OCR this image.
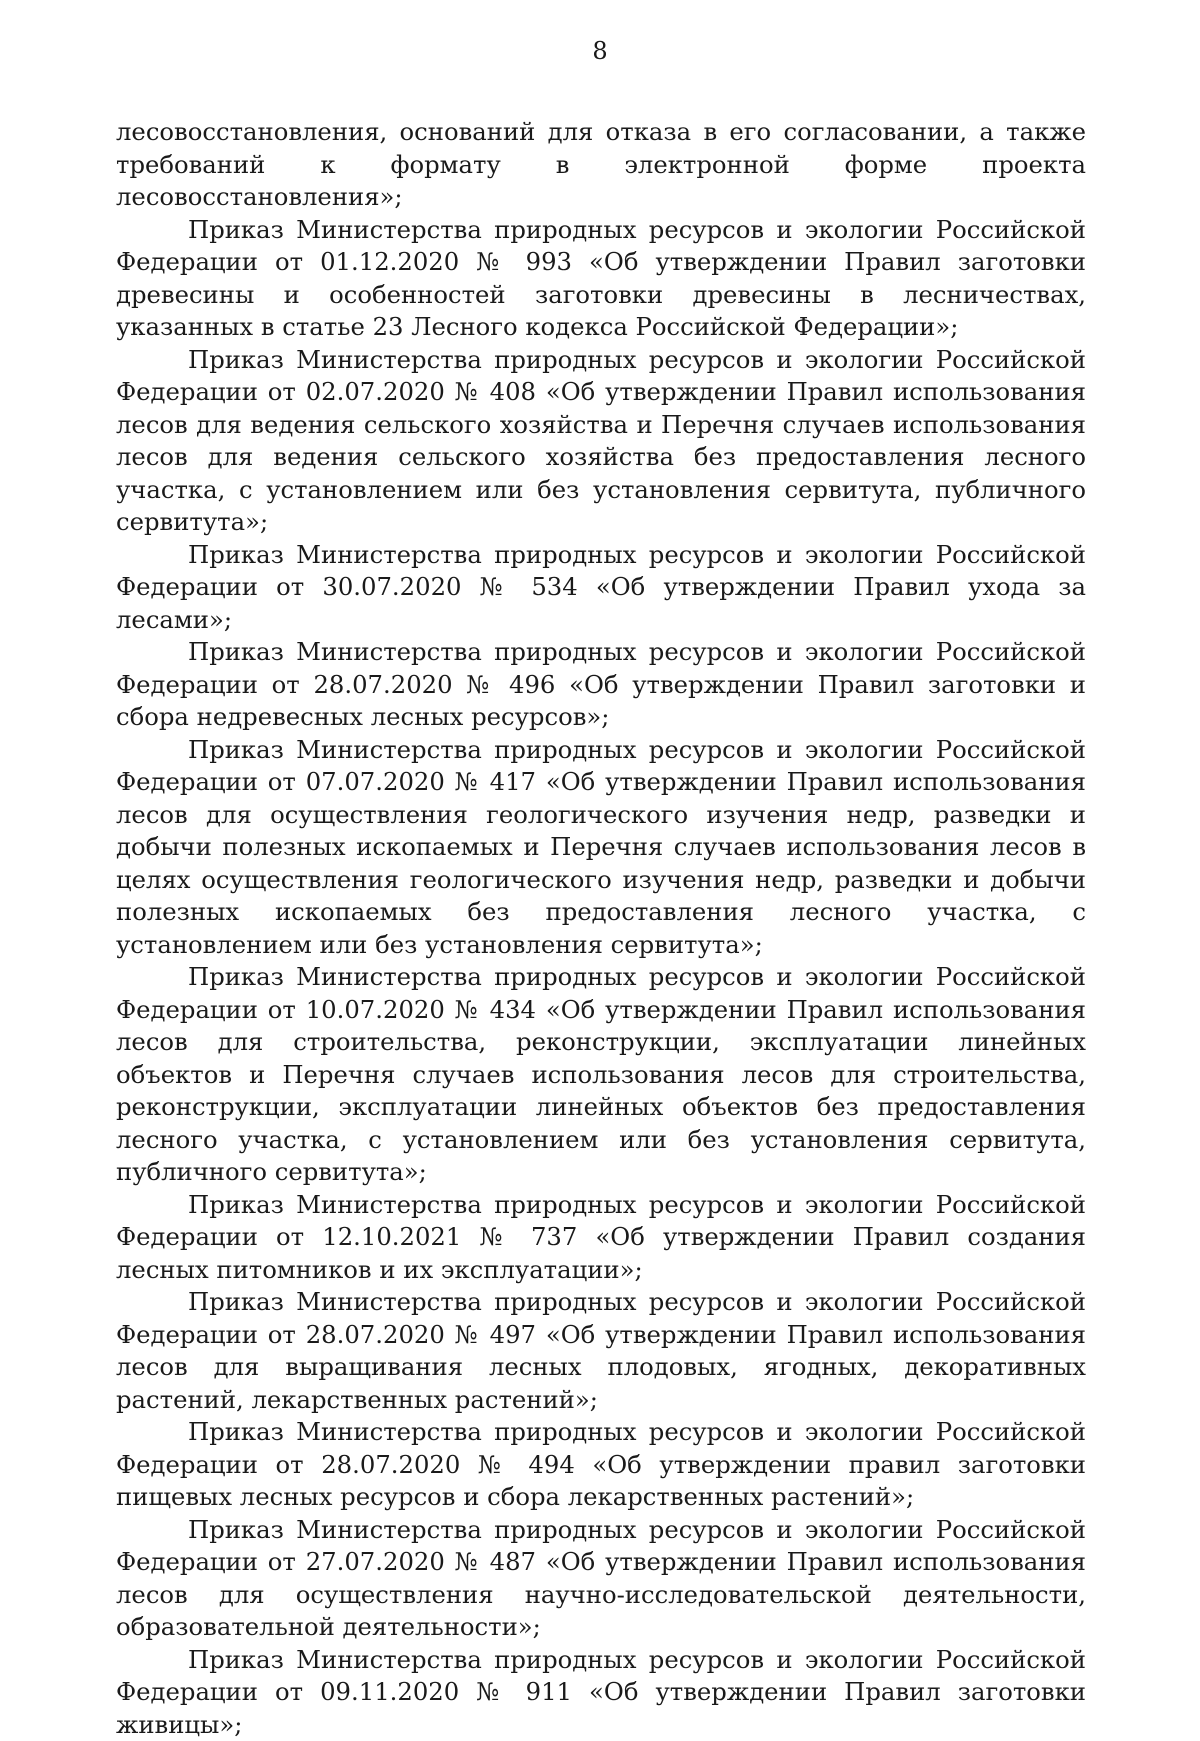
8

лесовосстановления, оснований для отказа в его согласовании, а также требований к формату в электронной форме проекта лесовосстановления»;

Приказ Министерства природных ресурсов и экологии Российской Федерации от 01.12.2020 № 993 «Об утверждении Правил заготовки древесины и особенностей заготовки древесины в лесничествах, указанных в статье 23 Лесного кодекса Российской Федерации»;

Приказ Министерства природных ресурсов и экологии Российской Федерации от 02.07.2020 № 408 «Об утверждении Правил использования лесов для ведения сельского хозяйства и Перечня случаев использования лесов для ведения сельского хозяйства без предоставления лесного участка, с установлением или без установления сервитута, публичного сервитута»;

Приказ Министерства природных ресурсов и экологии Российской Федерации от 30.07.2020 № 534 «Об утверждении Правил ухода за лесами»;

Приказ Министерства природных ресурсов и экологии Российской Федерации от 28.07.2020 № 496 «Об утверждении Правил заготовки и сбора недревесных лесных ресурсов»;

Приказ Министерства природных ресурсов и экологии Российской Федерации от 07.07.2020 № 417 «Об утверждении Правил использования лесов для осуществления геологического изучения недр, разведки и добычи полезных ископаемых и Перечня случаев использования лесов в целях осуществления геологического изучения недр, разведки и добычи полезных ископаемых без предоставления лесного участка, с установлением или без установления сервитута»;

Приказ Министерства природных ресурсов и экологии Российской Федерации от 10.07.2020 № 434 «Об утверждении Правил использования лесов для строительства, реконструкции, эксплуатации линейных объектов и Перечня случаев использования лесов для строительства, реконструкции, эксплуатации линейных объектов без предоставления лесного участка, с установлением или без установления сервитута, публичного сервитута»;

Приказ Министерства природных ресурсов и экологии Российской Федерации от 12.10.2021 № 737 «Об утверждении Правил создания лесных питомников и их эксплуатации»;

Приказ Министерства природных ресурсов и экологии Российской Федерации от 28.07.2020 № 497 «Об утверждении Правил использования лесов для выращивания лесных плодовых, ягодных, декоративных растений, лекарственных растений»;

Приказ Министерства природных ресурсов и экологии Российской Федерации от 28.07.2020 № 494 «Об утверждении правил заготовки пищевых лесных ресурсов и сбора лекарственных растений»;

Приказ Министерства природных ресурсов и экологии Российской Федерации от 27.07.2020 № 487 «Об утверждении Правил использования лесов для осуществления научно-исследовательской деятельности, образовательной деятельности»;

Приказ Министерства природных ресурсов и экологии Российской Федерации от 09.11.2020 № 911 «Об утверждении Правил заготовки живицы»;
